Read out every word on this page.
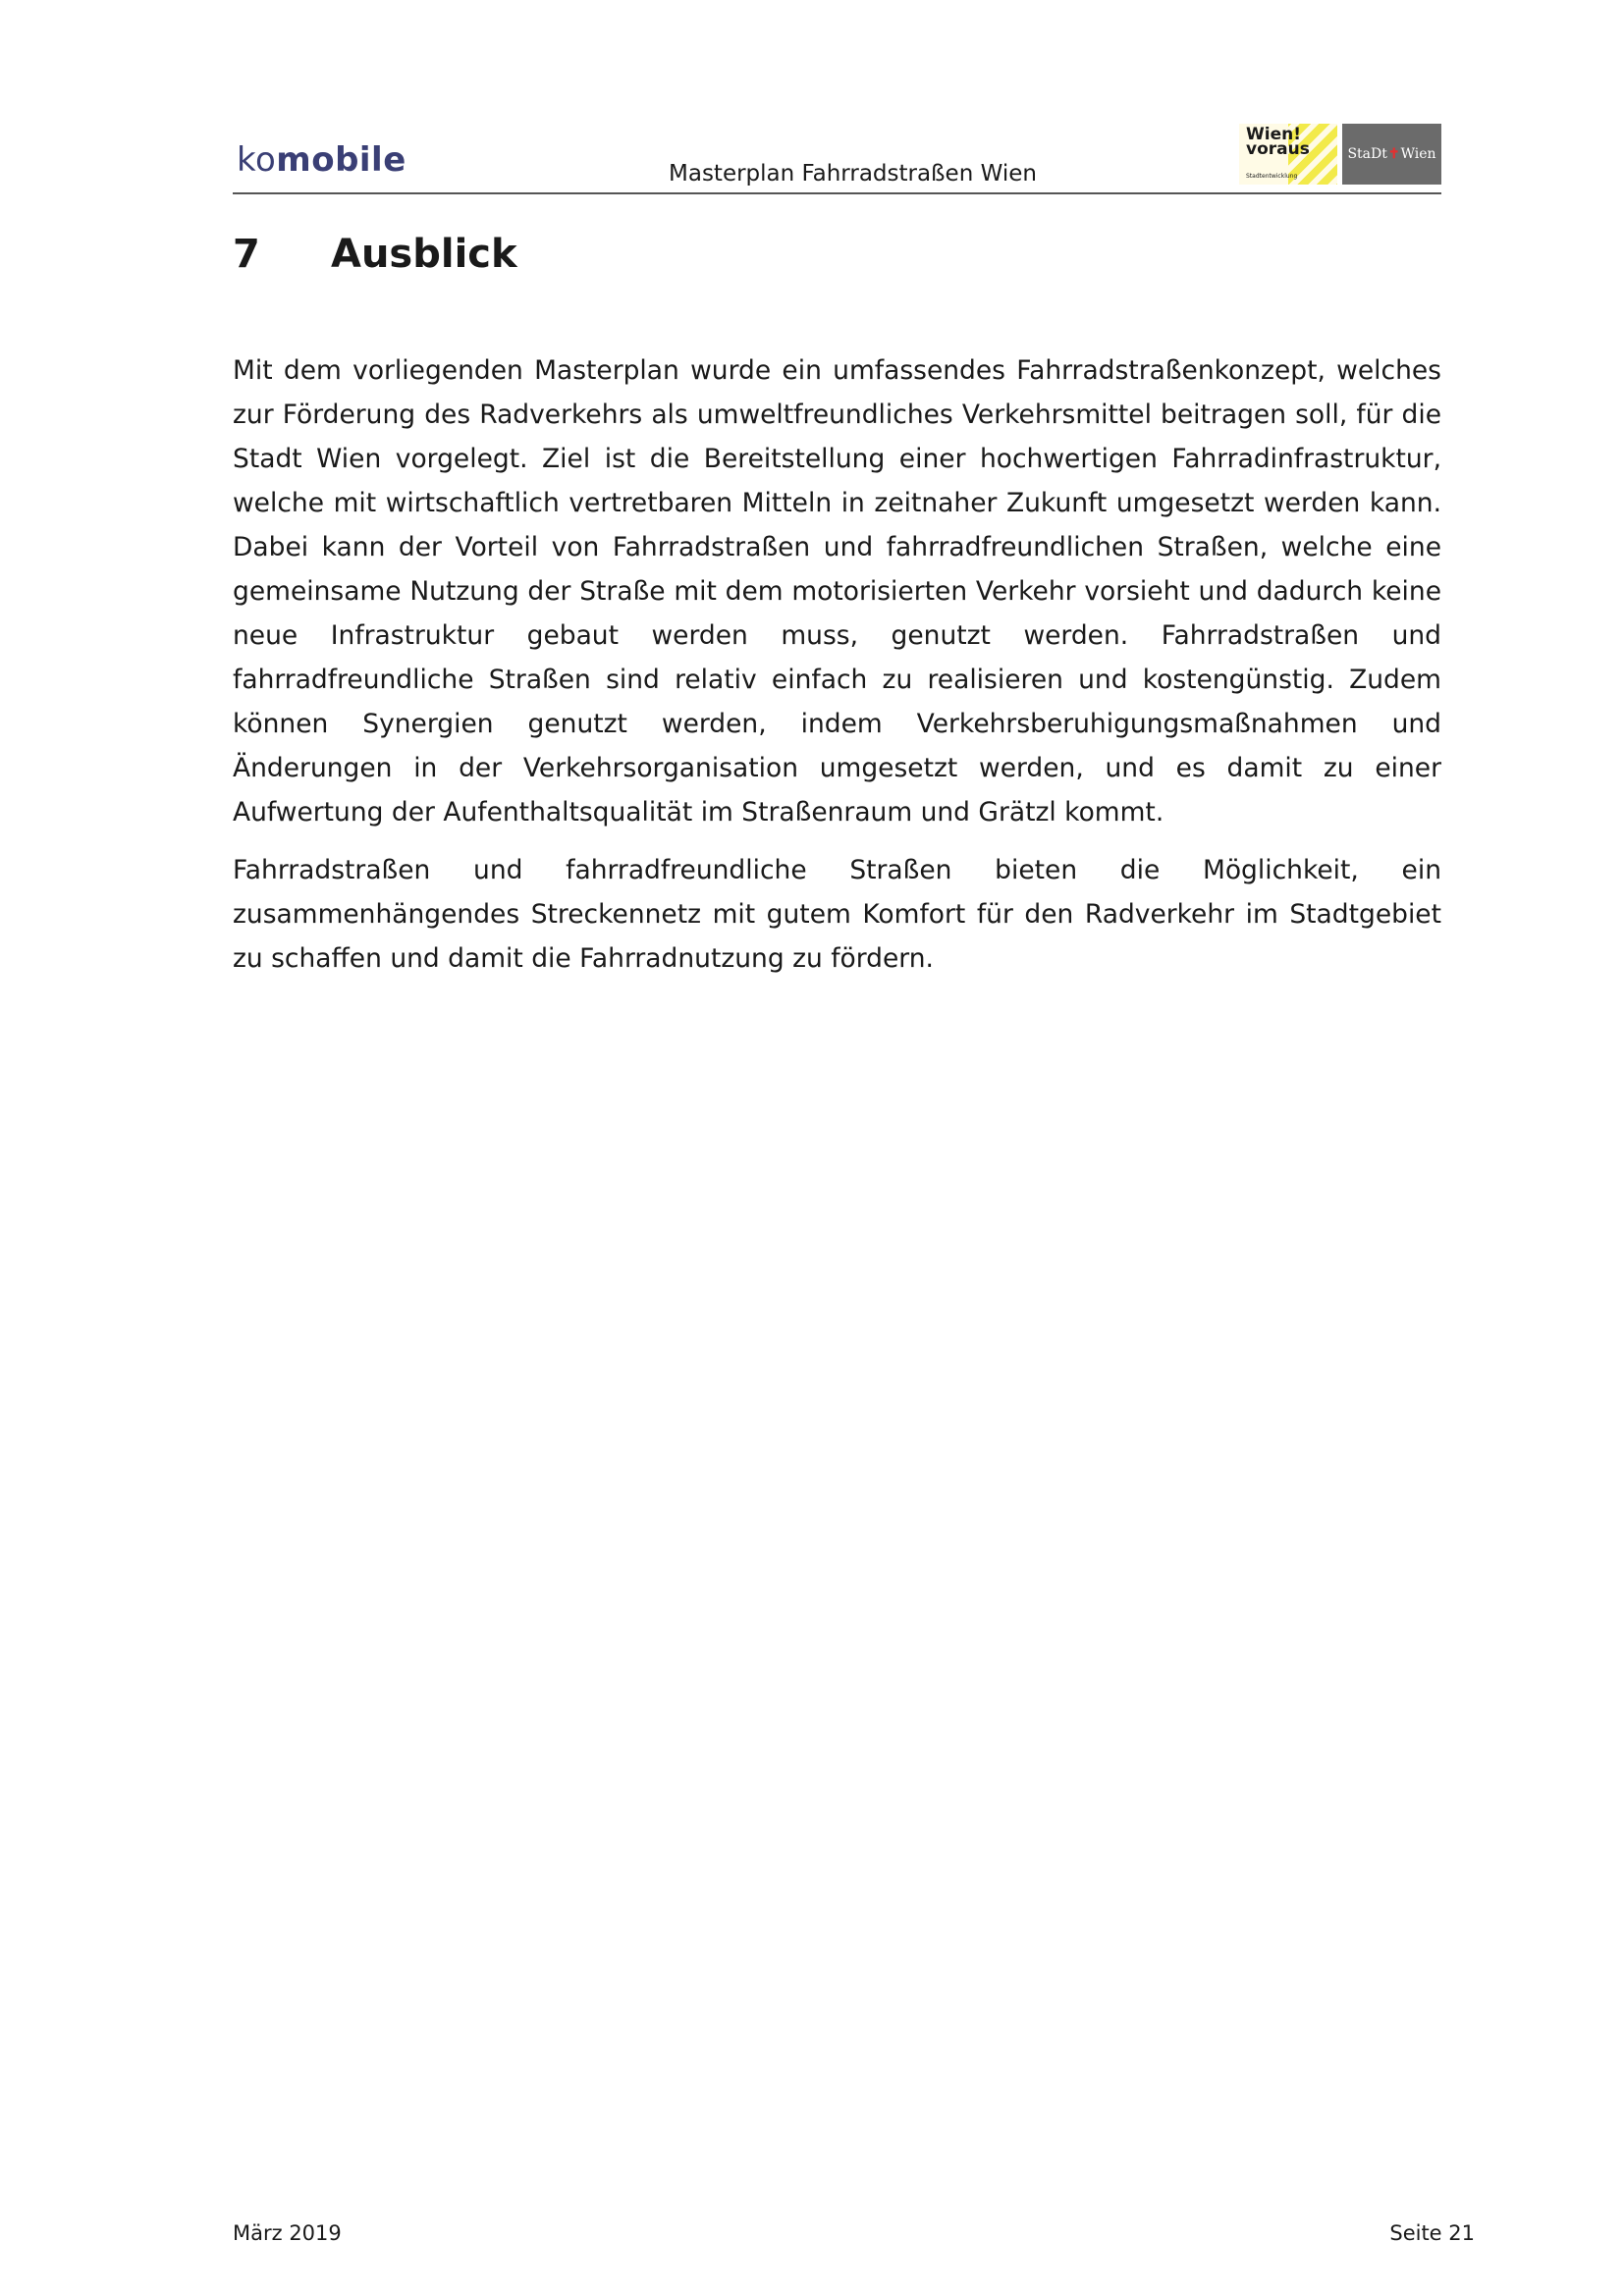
komobile	Masterplan Fahrradstraßen Wien
Wien!
voraus
Stadtentwicklung
StaDt ✝ Wien
7 Ausblick

Mit dem vorliegenden Masterplan wurde ein umfassendes Fahrradstraßenkonzept, welches zur Förderung des Radverkehrs als umweltfreundliches Verkehrsmittel beitragen soll, für die Stadt Wien vorgelegt. Ziel ist die Bereitstellung einer hochwertigen Fahrradinfrastruktur, welche mit wirtschaftlich vertretbaren Mitteln in zeitnaher Zukunft umgesetzt werden kann. Dabei kann der Vorteil von Fahrradstraßen und fahrradfreundlichen Straßen, welche eine gemeinsame Nutzung der Straße mit dem motorisierten Verkehr vorsieht und dadurch keine neue Infrastruktur gebaut werden muss, genutzt werden. Fahrradstraßen und fahrradfreundliche Straßen sind relativ einfach zu realisieren und kostengünstig. Zudem können Synergien genutzt werden, indem Verkehrsberuhigungsmaßnahmen und Änderungen in der Verkehrsorganisation umgesetzt werden, und es damit zu einer Aufwertung der Aufenthaltsqualität im Straßenraum und Grätzl kommt.

Fahrradstraßen und fahrradfreundliche Straßen bieten die Möglichkeit, ein zusammenhängendes Streckennetz mit gutem Komfort für den Radverkehr im Stadtgebiet zu schaffen und damit die Fahrradnutzung zu fördern.

März 2019	Seite 21
